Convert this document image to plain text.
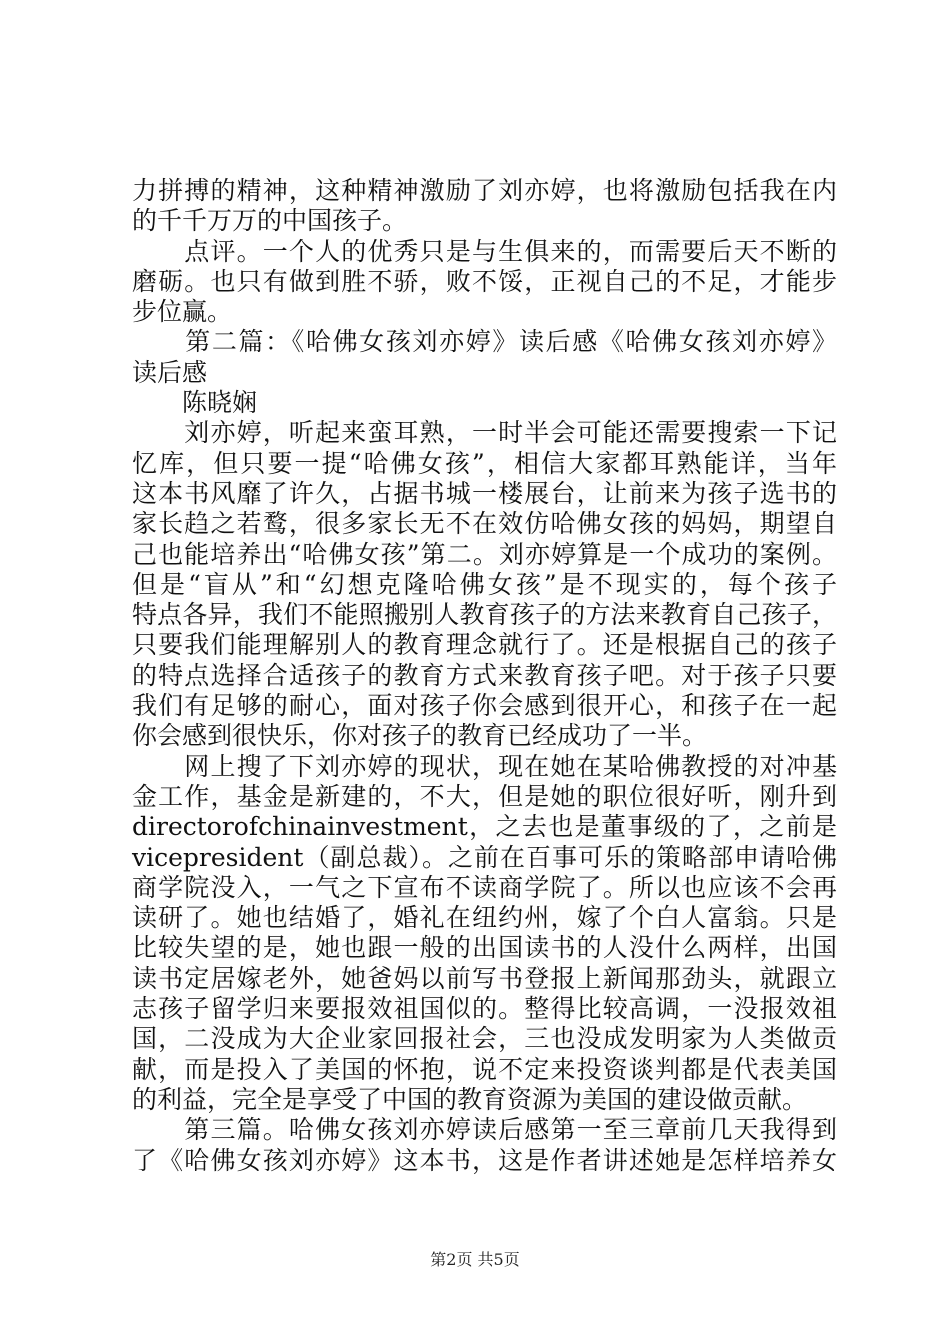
力拼搏的精神，这种精神激励了刘亦婷，也将激励包括我在内
的千千万万的中国孩子。
　　点评。一个人的优秀只是与生俱来的，而需要后天不断的
磨砺。也只有做到胜不骄，败不馁，正视自己的不足，才能步
步位赢。
　　第二篇：《哈佛女孩刘亦婷》读后感《哈佛女孩刘亦婷》
读后感
　　陈晓娴
　　刘亦婷，听起来蛮耳熟，一时半会可能还需要搜索一下记
忆库，但只要一提“哈佛女孩”，相信大家都耳熟能详，当年
这本书风靡了许久，占据书城一楼展台，让前来为孩子选书的
家长趋之若鹜，很多家长无不在效仿哈佛女孩的妈妈，期望自
己也能培养出“哈佛女孩”第二。刘亦婷算是一个成功的案例。
但是“盲从”和“幻想克隆哈佛女孩”是不现实的，每个孩子
特点各异，我们不能照搬别人教育孩子的方法来教育自己孩子，
只要我们能理解别人的教育理念就行了。还是根据自己的孩子
的特点选择合适孩子的教育方式来教育孩子吧。对于孩子只要
我们有足够的耐心，面对孩子你会感到很开心，和孩子在一起
你会感到很快乐，你对孩子的教育已经成功了一半。
　　网上搜了下刘亦婷的现状，现在她在某哈佛教授的对冲基
金工作，基金是新建的，不大，但是她的职位很好听，刚升到
directorofchinainvestment，之去也是董事级的了，之前是
vicepresident（副总裁）。之前在百事可乐的策略部申请哈佛
商学院没入，一气之下宣布不读商学院了。所以也应该不会再
读研了。她也结婚了，婚礼在纽约州，嫁了个白人富翁。只是
比较失望的是，她也跟一般的出国读书的人没什么两样，出国
读书定居嫁老外，她爸妈以前写书登报上新闻那劲头，就跟立
志孩子留学归来要报效祖国似的。整得比较高调，一没报效祖
国，二没成为大企业家回报社会，三也没成发明家为人类做贡
献，而是投入了美国的怀抱，说不定来投资谈判都是代表美国
的利益，完全是享受了中国的教育资源为美国的建设做贡献。
　　第三篇。哈佛女孩刘亦婷读后感第一至三章前几天我得到
了《哈佛女孩刘亦婷》这本书，这是作者讲述她是怎样培养女
第2页 共5页
